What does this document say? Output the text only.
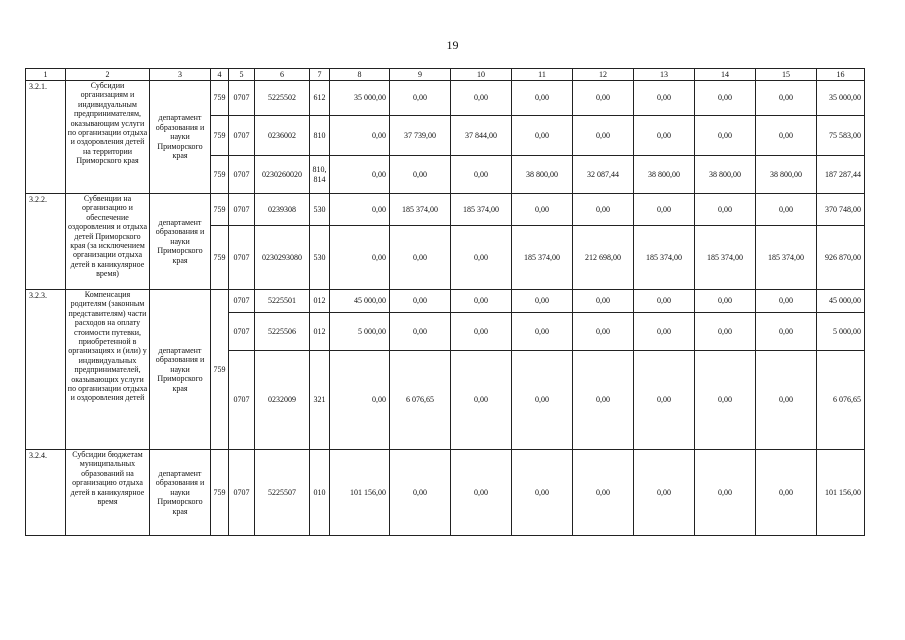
19
1	2	3	4	5	6	7	8	9	10	11	12	13	14	15	16
3.2.1.	Субсидии организациям и индивидуальным предпринимателям, оказывающим услуги по организации отдыха и оздоровления детей на территории Приморского края	департамент образования и науки Приморского края	759	0707	5225502	612	35 000,00	0,00	0,00	0,00	0,00	0,00	0,00	0,00	35 000,00
			759	0707	0236002	810	0,00	37 739,00	37 844,00	0,00	0,00	0,00	0,00	0,00	75 583,00
			759	0707	0230260020	810, 814	0,00	0,00	0,00	38 800,00	32 087,44	38 800,00	38 800,00	38 800,00	187 287,44
3.2.2.	Субвенции на организацию и обеспечение оздоровления и отдыха детей Приморского края (за исключением организации отдыха детей в каникулярное время)	департамент образования и науки Приморского края	759	0707	0239308	530	0,00	185 374,00	185 374,00	0,00	0,00	0,00	0,00	0,00	370 748,00
			759	0707	0230293080	530	0,00	0,00	0,00	185 374,00	212 698,00	185 374,00	185 374,00	185 374,00	926 870,00
3.2.3.	Компенсация родителям (законным представителям) части расходов на оплату стоимости путевки, приобретенной в организациях и (или) у индивидуальных предпринимателей, оказывающих услуги по организации отдыха и оздоровления детей	департамент образования и науки Приморского края	759	0707	5225501	012	45 000,00	0,00	0,00	0,00	0,00	0,00	0,00	0,00	45 000,00
				0707	5225506	012	5 000,00	0,00	0,00	0,00	0,00	0,00	0,00	0,00	5 000,00
				0707	0232009	321	0,00	6 076,65	0,00	0,00	0,00	0,00	0,00	0,00	6 076,65
3.2.4.	Субсидии бюджетам муниципальных образований на организацию отдыха детей в каникулярное время	департамент образования и науки Приморского края	759	0707	5225507	010	101 156,00	0,00	0,00	0,00	0,00	0,00	0,00	0,00	101 156,00
